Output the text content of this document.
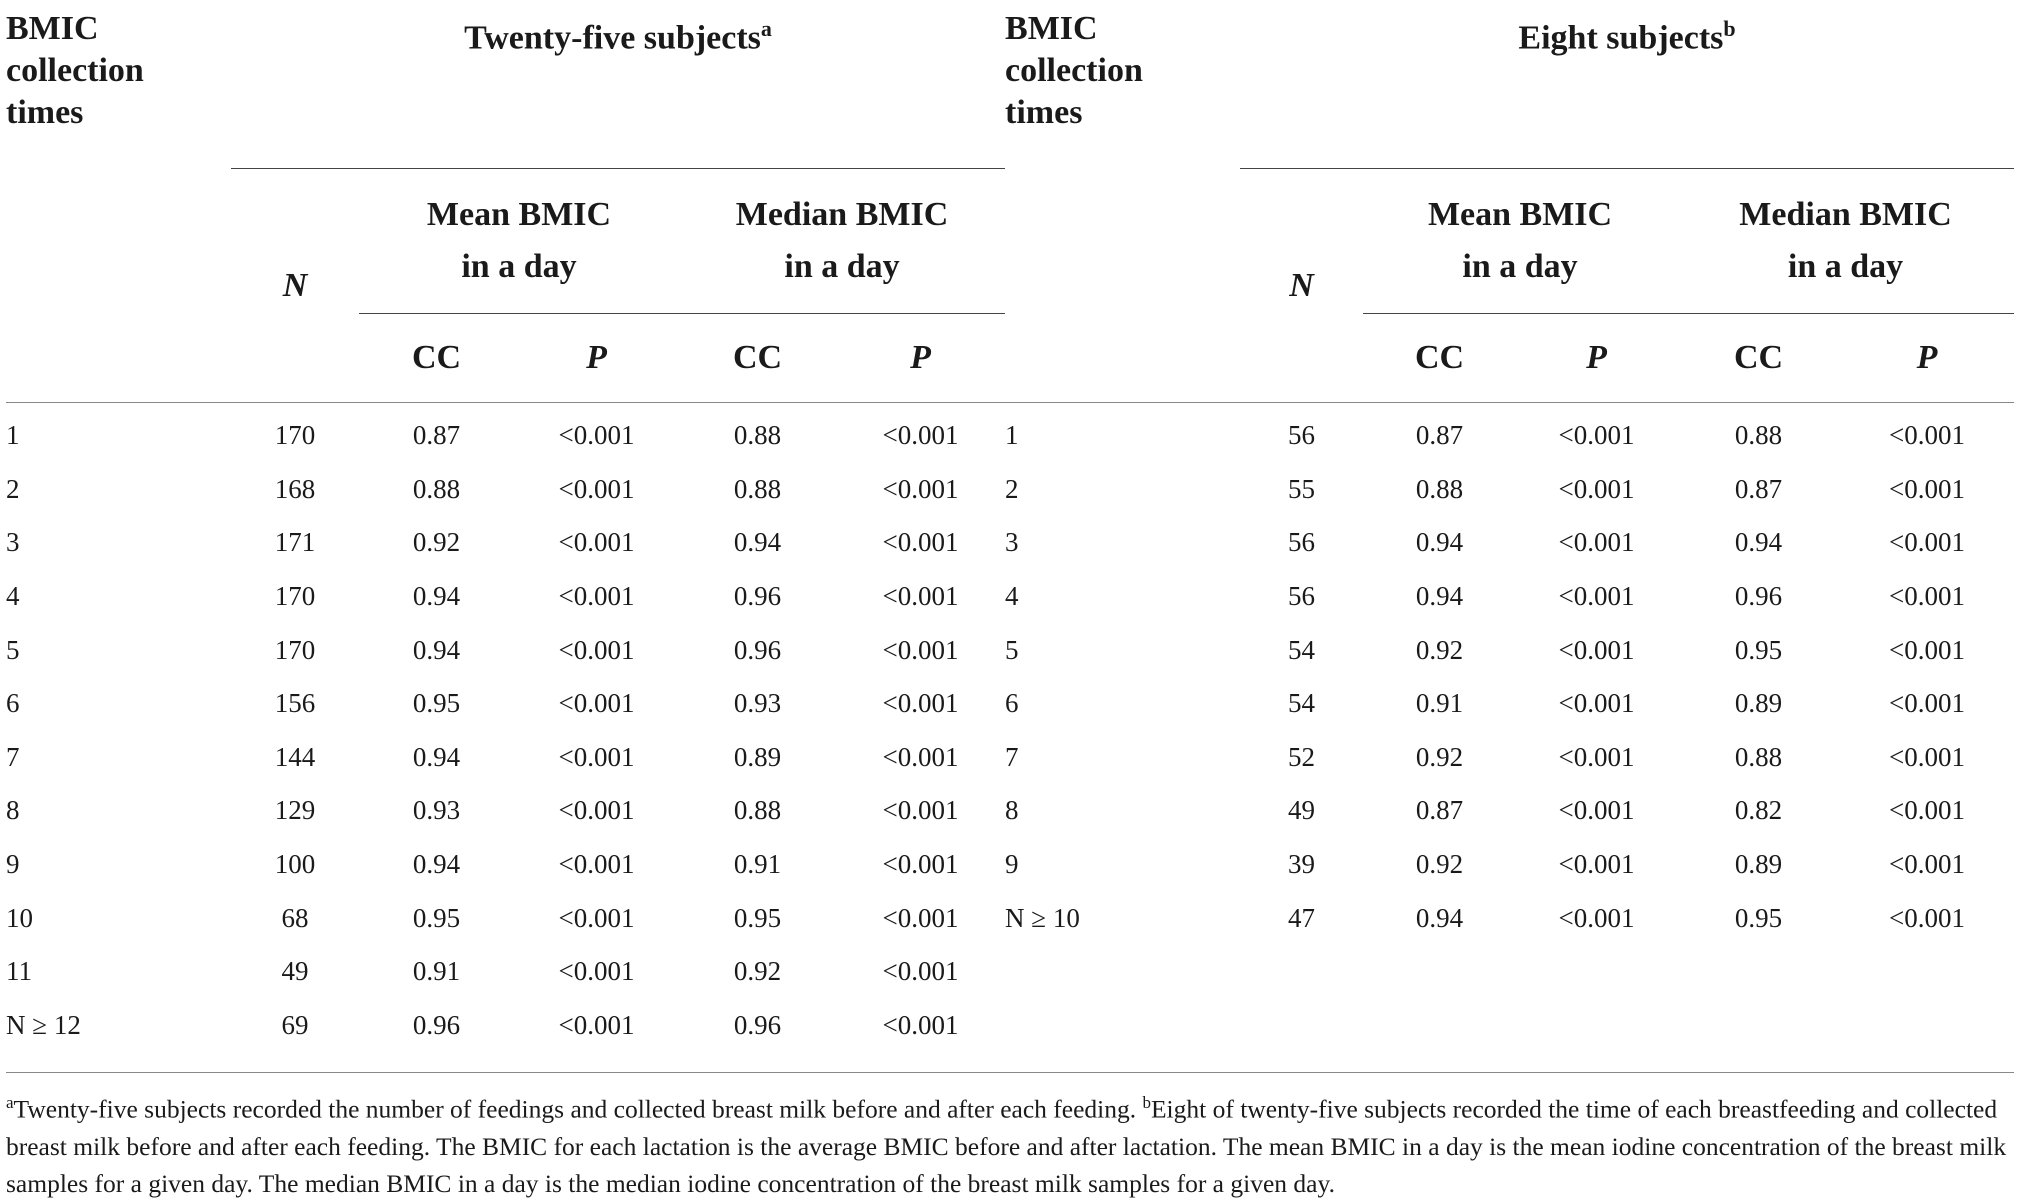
BMIC
collection
times	Twenty-five subjects$^a$					BMIC
collection
times	Eight subjects$^b$
	N	Mean BMIC
in a day		Median BMIC
in a day			N	Mean BMIC
in a day		Median BMIC
in a day	
		CC	P	CC	P			CC	P	CC	P

1	170	0.87	<0.001	0.88	<0.001	1	56	0.87	<0.001	0.88	<0.001
2	168	0.88	<0.001	0.88	<0.001	2	55	0.88	<0.001	0.87	<0.001
3	171	0.92	<0.001	0.94	<0.001	3	56	0.94	<0.001	0.94	<0.001
4	170	0.94	<0.001	0.96	<0.001	4	56	0.94	<0.001	0.96	<0.001
5	170	0.94	<0.001	0.96	<0.001	5	54	0.92	<0.001	0.95	<0.001
6	156	0.95	<0.001	0.93	<0.001	6	54	0.91	<0.001	0.89	<0.001
7	144	0.94	<0.001	0.89	<0.001	7	52	0.92	<0.001	0.88	<0.001
8	129	0.93	<0.001	0.88	<0.001	8	49	0.87	<0.001	0.82	<0.001
9	100	0.94	<0.001	0.91	<0.001	9	39	0.92	<0.001	0.89	<0.001
10	68	0.95	<0.001	0.95	<0.001	N ≥ 10	47	0.94	<0.001	0.95	<0.001
11	49	0.91	<0.001	0.92	<0.001						
N ≥ 12	69	0.96	<0.001	0.96	<0.001						

$^a$Twenty-five subjects recorded the number of feedings and collected breast milk before and after each feeding. $^b$Eight of twenty-five subjects recorded the time of each breastfeeding and collected breast milk before and after each feeding. The BMIC for each lactation is the average BMIC before and after lactation. The mean BMIC in a day is the mean iodine concentration of the breast milk samples for a given day. The median BMIC in a day is the median iodine concentration of the breast milk samples for a given day.
